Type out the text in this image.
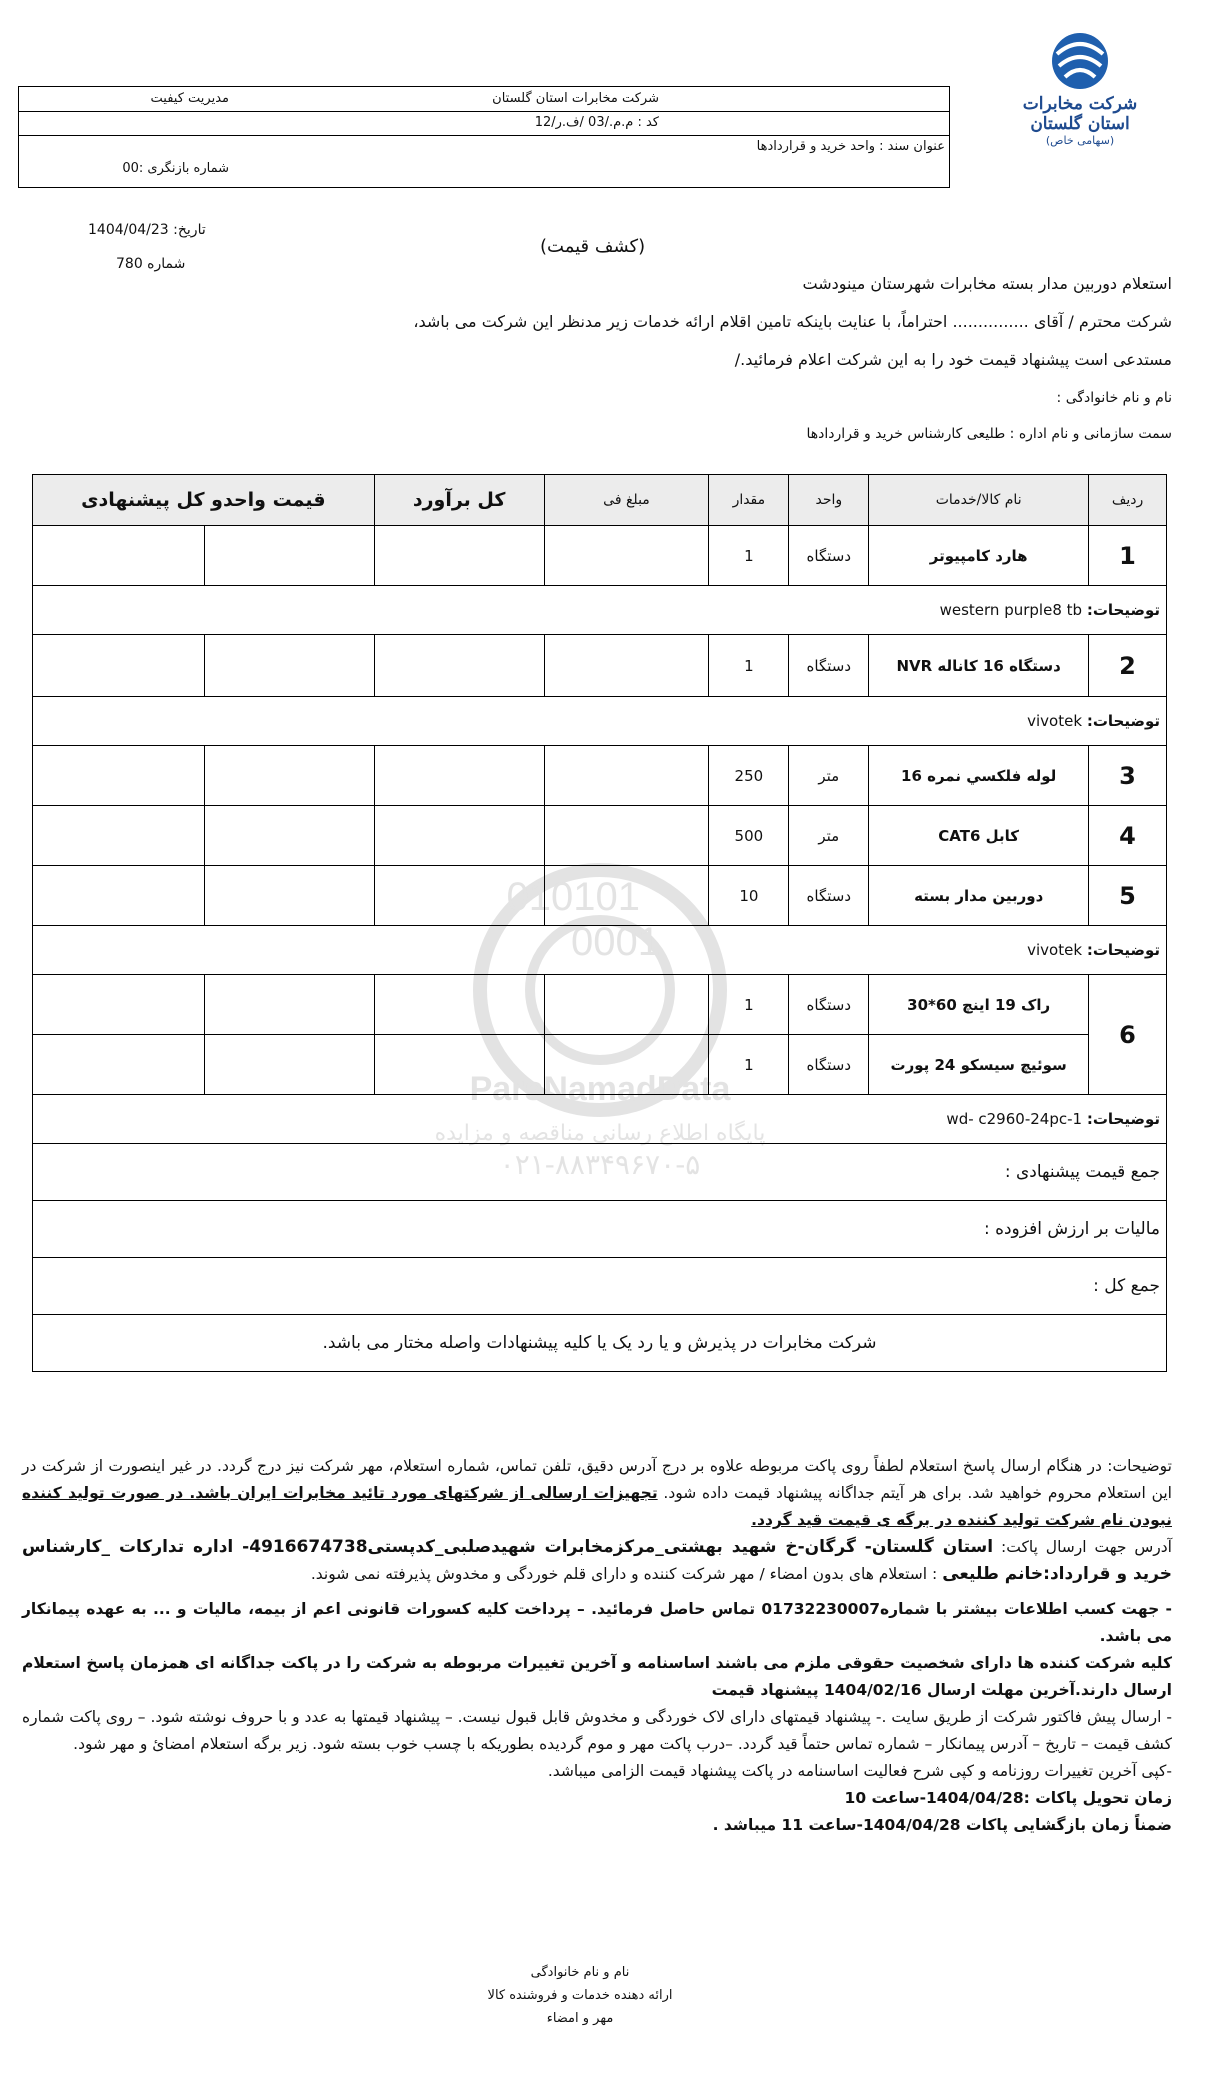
شرکت مخابرات استان گلستان
(سهامی خاص)
شرکت مخابرات استان گلستان
مدیریت کیفیت
کد : م.م./03 /ف.ر/12
عنوان سند : واحد خرید و قراردادها
شماره بازنگری :00
تاریخ: 1404/04/23
شماره 780
(کشف قیمت)
استعلام دوربین مدار بسته مخابرات شهرستان مینودشت
شرکت محترم / آقای ............... احتراماً، با عنایت باینکه تامین اقلام ارائه خدمات زیر مدنظر این شرکت می باشد،
مستدعی است پیشنهاد قیمت خود را به این شرکت اعلام فرمائید./
نام و نام خانوادگی :
سمت سازمانی و نام اداره : طلیعی کارشناس خرید و قراردادها
010101
0001
ParsNamadData
پایگاه اطلاع رسانی مناقصه و مزایده
۰۲۱-۸۸۳۴۹۶۷۰-۵
ردیف	نام کالا/خدمات	واحد	مقدار	مبلغ فی	کل برآورد	قیمت واحدو کل پیشنهادی	
1	هارد کامپیوتر	دستگاه	1				
توضیحات: western purple8 tb							
2	دستگاه 16 کاناله NVR	دستگاه	1				
توضیحات: vivotek							
3	لوله فلکسي نمره 16	متر	250				
4	کابل CAT6	متر	500				
5	دوربین مدار بسته	دستگاه	10				
توضیحات: vivotek							
6	راک 19 اینچ 60*30	دستگاه	1				
	سوئیچ سیسکو 24 پورت	دستگاه	1				
توضیحات: wd- c2960-24pc-1							
جمع قیمت پیشنهادی :							
مالیات بر ارزش افزوده :							
جمع کل :							
شرکت مخابرات در پذیرش و یا رد یک یا کلیه پیشنهادات واصله مختار می باشد.							
توضیحات: در هنگام ارسال پاسخ استعلام لطفاً روی پاکت مربوطه علاوه بر درج آدرس دقیق، تلفن تماس، شماره استعلام، مهر شرکت نیز درج گردد. در غیر اینصورت از شرکت در این استعلام محروم خواهید شد. برای هر آیتم جداگانه پیشنهاد قیمت داده شود. تجهیزات ارسالی از شرکتهای مورد تائید مخابرات ایران باشد. در صورت تولید کننده نبودن نام شرکت تولید کننده در برگه ی قیمت قید گردد.
آدرس جهت ارسال پاکت: استان گلستان- گرگان-خ شهید بهشتی_مرکزمخابرات شهیدصلبی_کدپستی4916674738- اداره تدارکات _کارشناس خرید و قرارداد:خانم طلیعی : استعلام های بدون امضاء / مهر شرکت کننده و دارای قلم خوردگی و مخدوش پذیرفته نمی شوند.
- جهت کسب اطلاعات بیشتر با شماره01732230007 تماس حاصل فرمائید. – پرداخت کلیه کسورات قانونی اعم از بیمه، مالیات و ... به عهده پیمانکار می باشد.
کلیه شرکت کننده ها دارای شخصیت حقوقی ملزم می باشند اساسنامه و آخرین تغییرات مربوطه به شرکت را در پاکت جداگانه ای همزمان پاسخ استعلام ارسال دارند.آخرین مهلت ارسال 1404/02/16 پیشنهاد قیمت
- ارسال پیش فاکتور شرکت از طریق سایت .- پیشنهاد قیمتهای دارای لاک خوردگی و مخدوش قابل قبول نیست. – پیشنهاد قیمتها به عدد و با حروف نوشته شود. – روی پاکت شماره کشف قیمت – تاریخ – آدرس پیمانکار – شماره تماس حتماً قید گردد. –درب پاکت مهر و موم گردیده بطوریکه با چسب خوب بسته شود. زیر برگه استعلام امضائ و مهر شود.
-کپی آخرین تغییرات روزنامه و کپی شرح فعالیت اساسنامه در پاکت پیشنهاد قیمت الزامی میباشد.
زمان تحویل پاکات :1404/04/28-ساعت 10
ضمناً زمان بازگشایی پاکات 1404/04/28-ساعت 11 میباشد .
نام و نام خانوادگی
ارائه دهنده خدمات و فروشنده کالا
مهر و امضاء
